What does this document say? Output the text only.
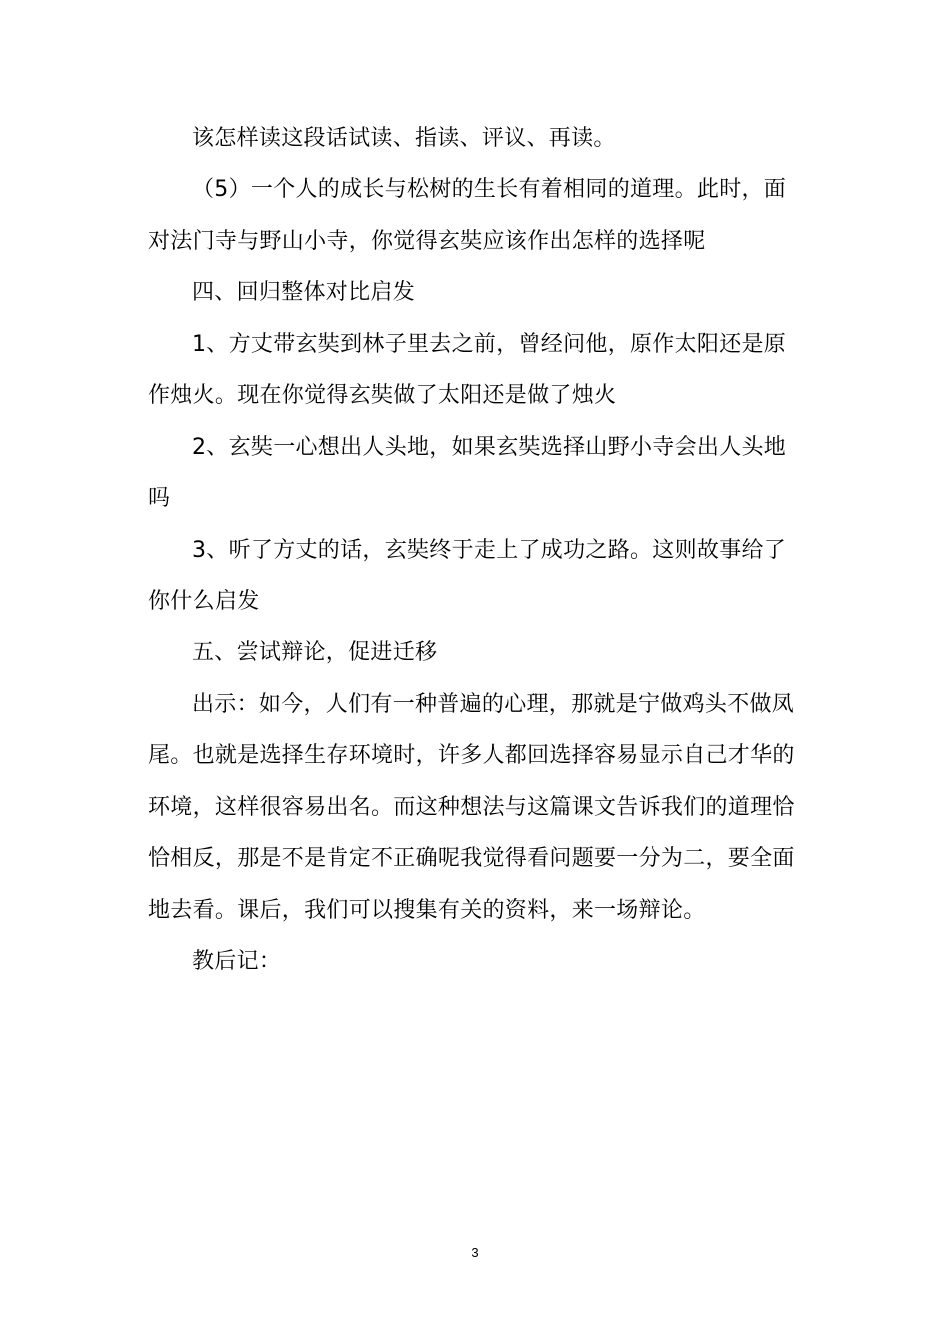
该怎样读这段话试读、指读、评议、再读。
（5）一个人的成长与松树的生长有着相同的道理。此时，面
对法门寺与野山小寺，你觉得玄奘应该作出怎样的选择呢
四、回归整体对比启发
1、方丈带玄奘到林子里去之前，曾经问他，原作太阳还是原
作烛火。现在你觉得玄奘做了太阳还是做了烛火
2、玄奘一心想出人头地，如果玄奘选择山野小寺会出人头地
吗
3、听了方丈的话，玄奘终于走上了成功之路。这则故事给了
你什么启发
五、尝试辩论，促进迁移
出示：如今，人们有一种普遍的心理，那就是宁做鸡头不做凤
尾。也就是选择生存环境时，许多人都回选择容易显示自己才华的
环境，这样很容易出名。而这种想法与这篇课文告诉我们的道理恰
恰相反，那是不是肯定不正确呢我觉得看问题要一分为二，要全面
地去看。课后，我们可以搜集有关的资料，来一场辩论。
教后记：
3
